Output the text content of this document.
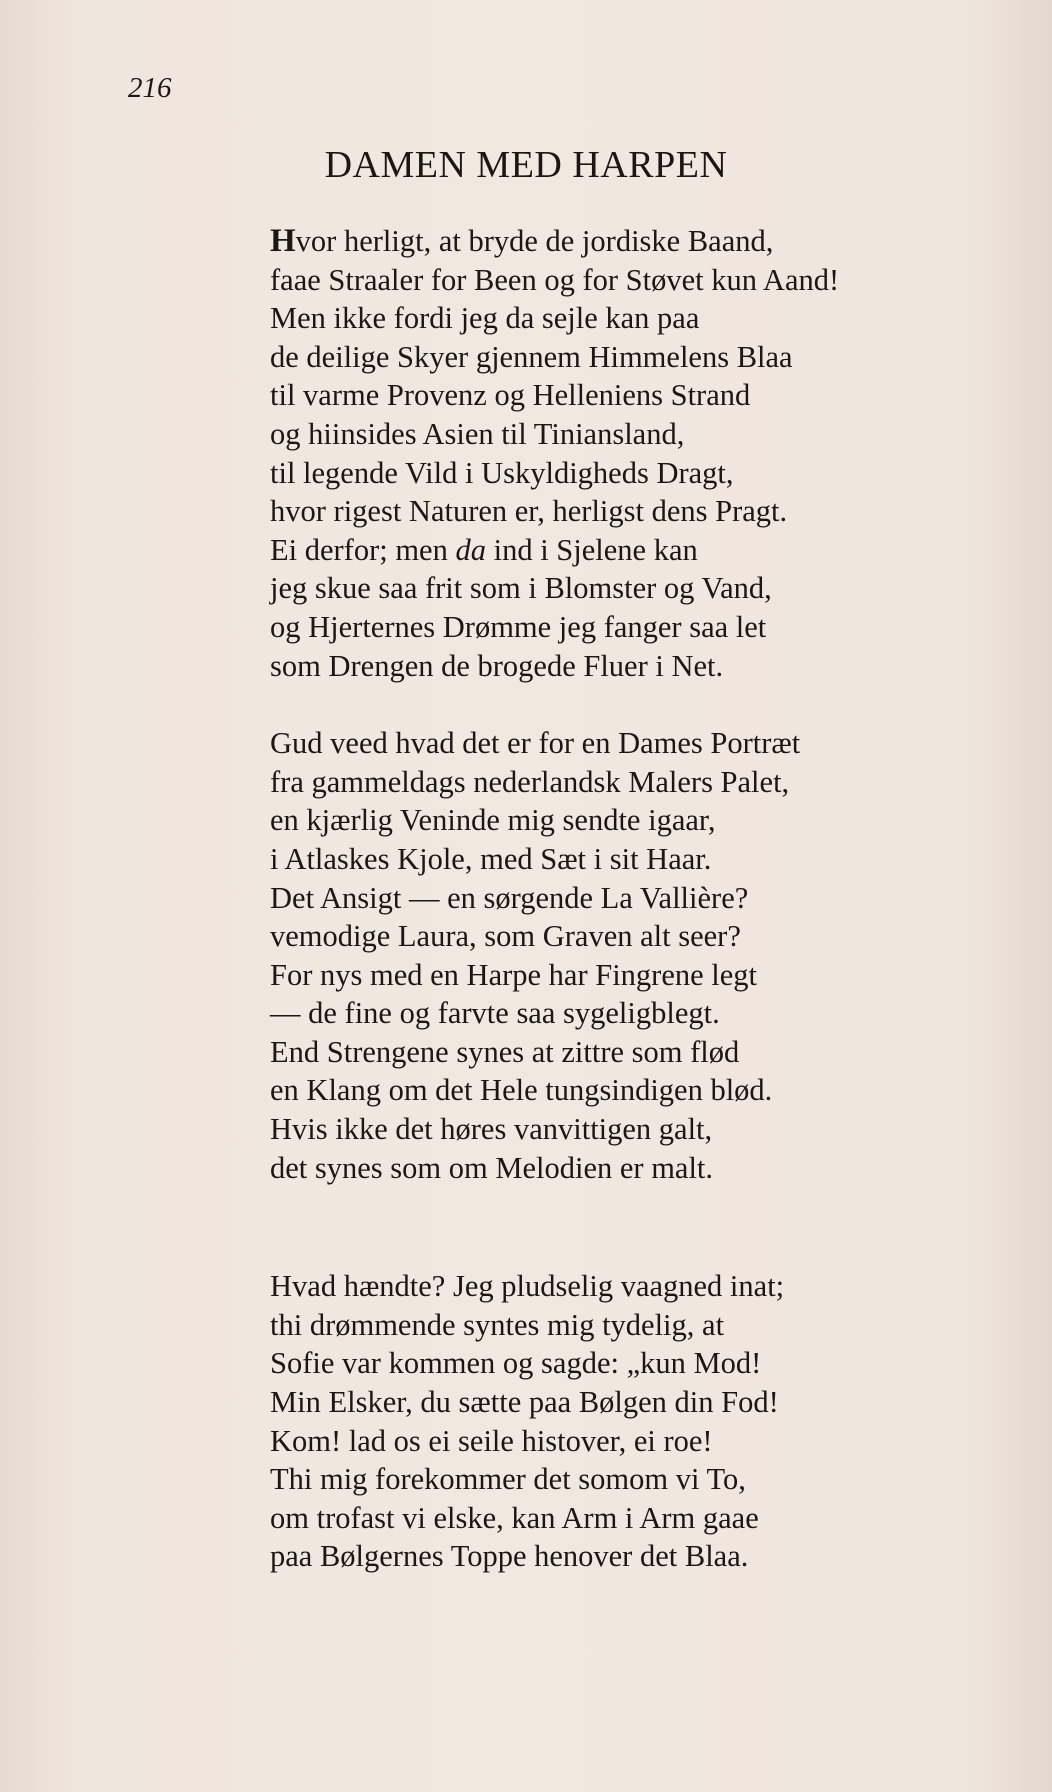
216

DAMEN MED HARPEN

Hvor herligt, at bryde de jordiske Baand,
faae Straaler for Been og for Støvet kun Aand!
Men ikke fordi jeg da sejle kan paa
de deilige Skyer gjennem Himmelens Blaa
til varme Provenz og Helleniens Strand
og hiinsides Asien til Tiniansland,
til legende Vild i Uskyldigheds Dragt,
hvor rigest Naturen er, herligst dens Pragt.
Ei derfor; men da ind i Sjelene kan
jeg skue saa frit som i Blomster og Vand,
og Hjerternes Drømme jeg fanger saa let
som Drengen de brogede Fluer i Net.

Gud veed hvad det er for en Dames Portræt
fra gammeldags nederlandsk Malers Palet,
en kjærlig Veninde mig sendte igaar,
i Atlaskes Kjole, med Sæt i sit Haar.
Det Ansigt — en sørgende La Vallière?
vemodige Laura, som Graven alt seer?
For nys med en Harpe har Fingrene legt
— de fine og farvte saa sygeligblegt.
End Strengene synes at zittre som flød
en Klang om det Hele tungsindigen blød.
Hvis ikke det høres vanvittigen galt,
det synes som om Melodien er malt.

Hvad hændte? Jeg pludselig vaagned inat;
thi drømmende syntes mig tydelig, at
Sofie var kommen og sagde: „kun Mod!
Min Elsker, du sætte paa Bølgen din Fod!
Kom! lad os ei seile histover, ei roe!
Thi mig forekommer det somom vi To,
om trofast vi elske, kan Arm i Arm gaae
paa Bølgernes Toppe henover det Blaa.
